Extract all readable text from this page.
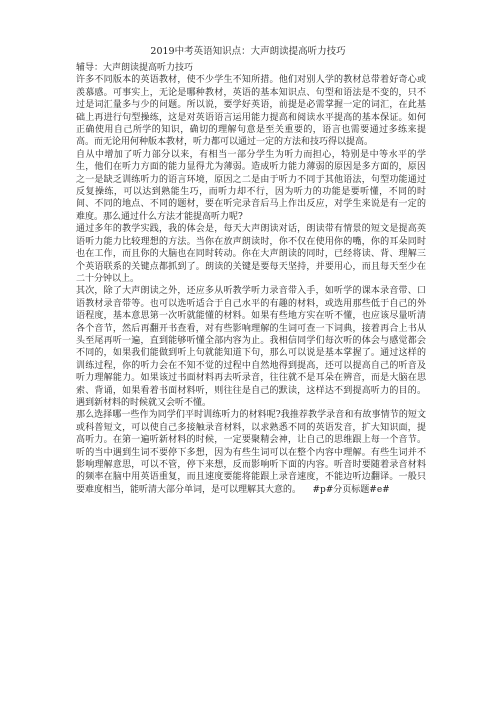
2019中考英语知识点：大声朗读提高听力技巧

辅导：大声朗读提高听力技巧

许多不同版本的英语教材，使不少学生不知所措。他们对别人学的教材总带着好奇心或羡慕感。可事实上，无论是哪种教材，英语的基本知识点、句型和语法是不变的，只不过是词汇量多与少的问题。所以说，要学好英语，前提是必需掌握一定的词汇，在此基础上再进行句型操练，这是对英语语言运用能力提高和阅读水平提高的基本保证。如何正确使用自己所学的知识，确切的理解句意是至关重要的，语言也需要通过多练来提高。而无论用何种版本教材，听力都可以通过一定的方法和技巧得以提高。

自从中增加了听力部分以来，有相当一部分学生为听力而担心，特别是中等水平的学生，他们在听力方面的能力显得尤为薄弱。造成听力能力薄弱的原因是多方面的，原因之一是缺乏训练听力的语言环境，原因之二是由于听力不同于其他语法，句型功能通过反复操练，可以达到熟能生巧，而听力却不行，因为听力的功能是要听懂，不同的时间、不同的地点、不同的题材，要在听完录音后马上作出反应，对学生来说是有一定的难度。那么通过什么方法才能提高听力呢?

通过多年的教学实践，我的体会是，每天大声朗读对话，朗读带有情景的短文是提高英语听力能力比较理想的方法。当你在放声朗读时，你不仅在使用你的嘴，你的耳朵同时也在工作，而且你的大脑也在同时转动。你在大声朗读的同时，已经将读、背、理解三个英语联系的关键点都抓到了。朗读的关键是要每天坚持，并要用心，而且每天至少在二十分钟以上。

其次，除了大声朗读之外，还应多从听教学听力录音带入手，如听学的课本录音带、口语教材录音带等。也可以选听适合于自己水平的有趣的材料，或选用那些低于自己的外语程度，基本意思第一次听就能懂的材料。如果有些地方实在听不懂，也应该尽量听清各个音节，然后再翻开书查看，对有些影响理解的生词可查一下词典，接着再合上书从头至尾再听一遍，直到能够听懂全部内容为止。我相信同学们每次听的体会与感觉都会不同的，如果我们能做到听上句就能知道下句，那么可以说是基本掌握了。通过这样的训练过程，你的听力会在不知不觉的过程中自然地得到提高，还可以提高自己的听音及听力理解能力。如果该过书面材料再去听录音，往往就不是耳朵在辨音，而是大脑在思索、背诵，如果看着书面材料听，则往往是自己的默读，这样达不到提高听力的目的。遇到新材料的时候就又会听不懂。

那么选择哪一些作为同学们平时训练听力的材料呢?我推荐教学录音和有故事情节的短文或科普短文，可以使自己多接触录音材料，以求熟悉不同的英语发音，扩大知识面，提高听力。在第一遍听新材料的时候，一定要聚精会神，让自己的思维跟上每一个音节。听的当中遇到生词不要停下多想，因为有些生词可以在整个内容中理解。有些生词并不影响理解意思，可以不管，停下来想，反而影响听下面的内容。听音时要随着录音材料的频率在脑中用英语重复，而且速度要能将能跟上录音速度，不能边听边翻译。一般只要难度相当，能听清大部分单词，是可以理解其大意的。 #p#分页标题#e#
